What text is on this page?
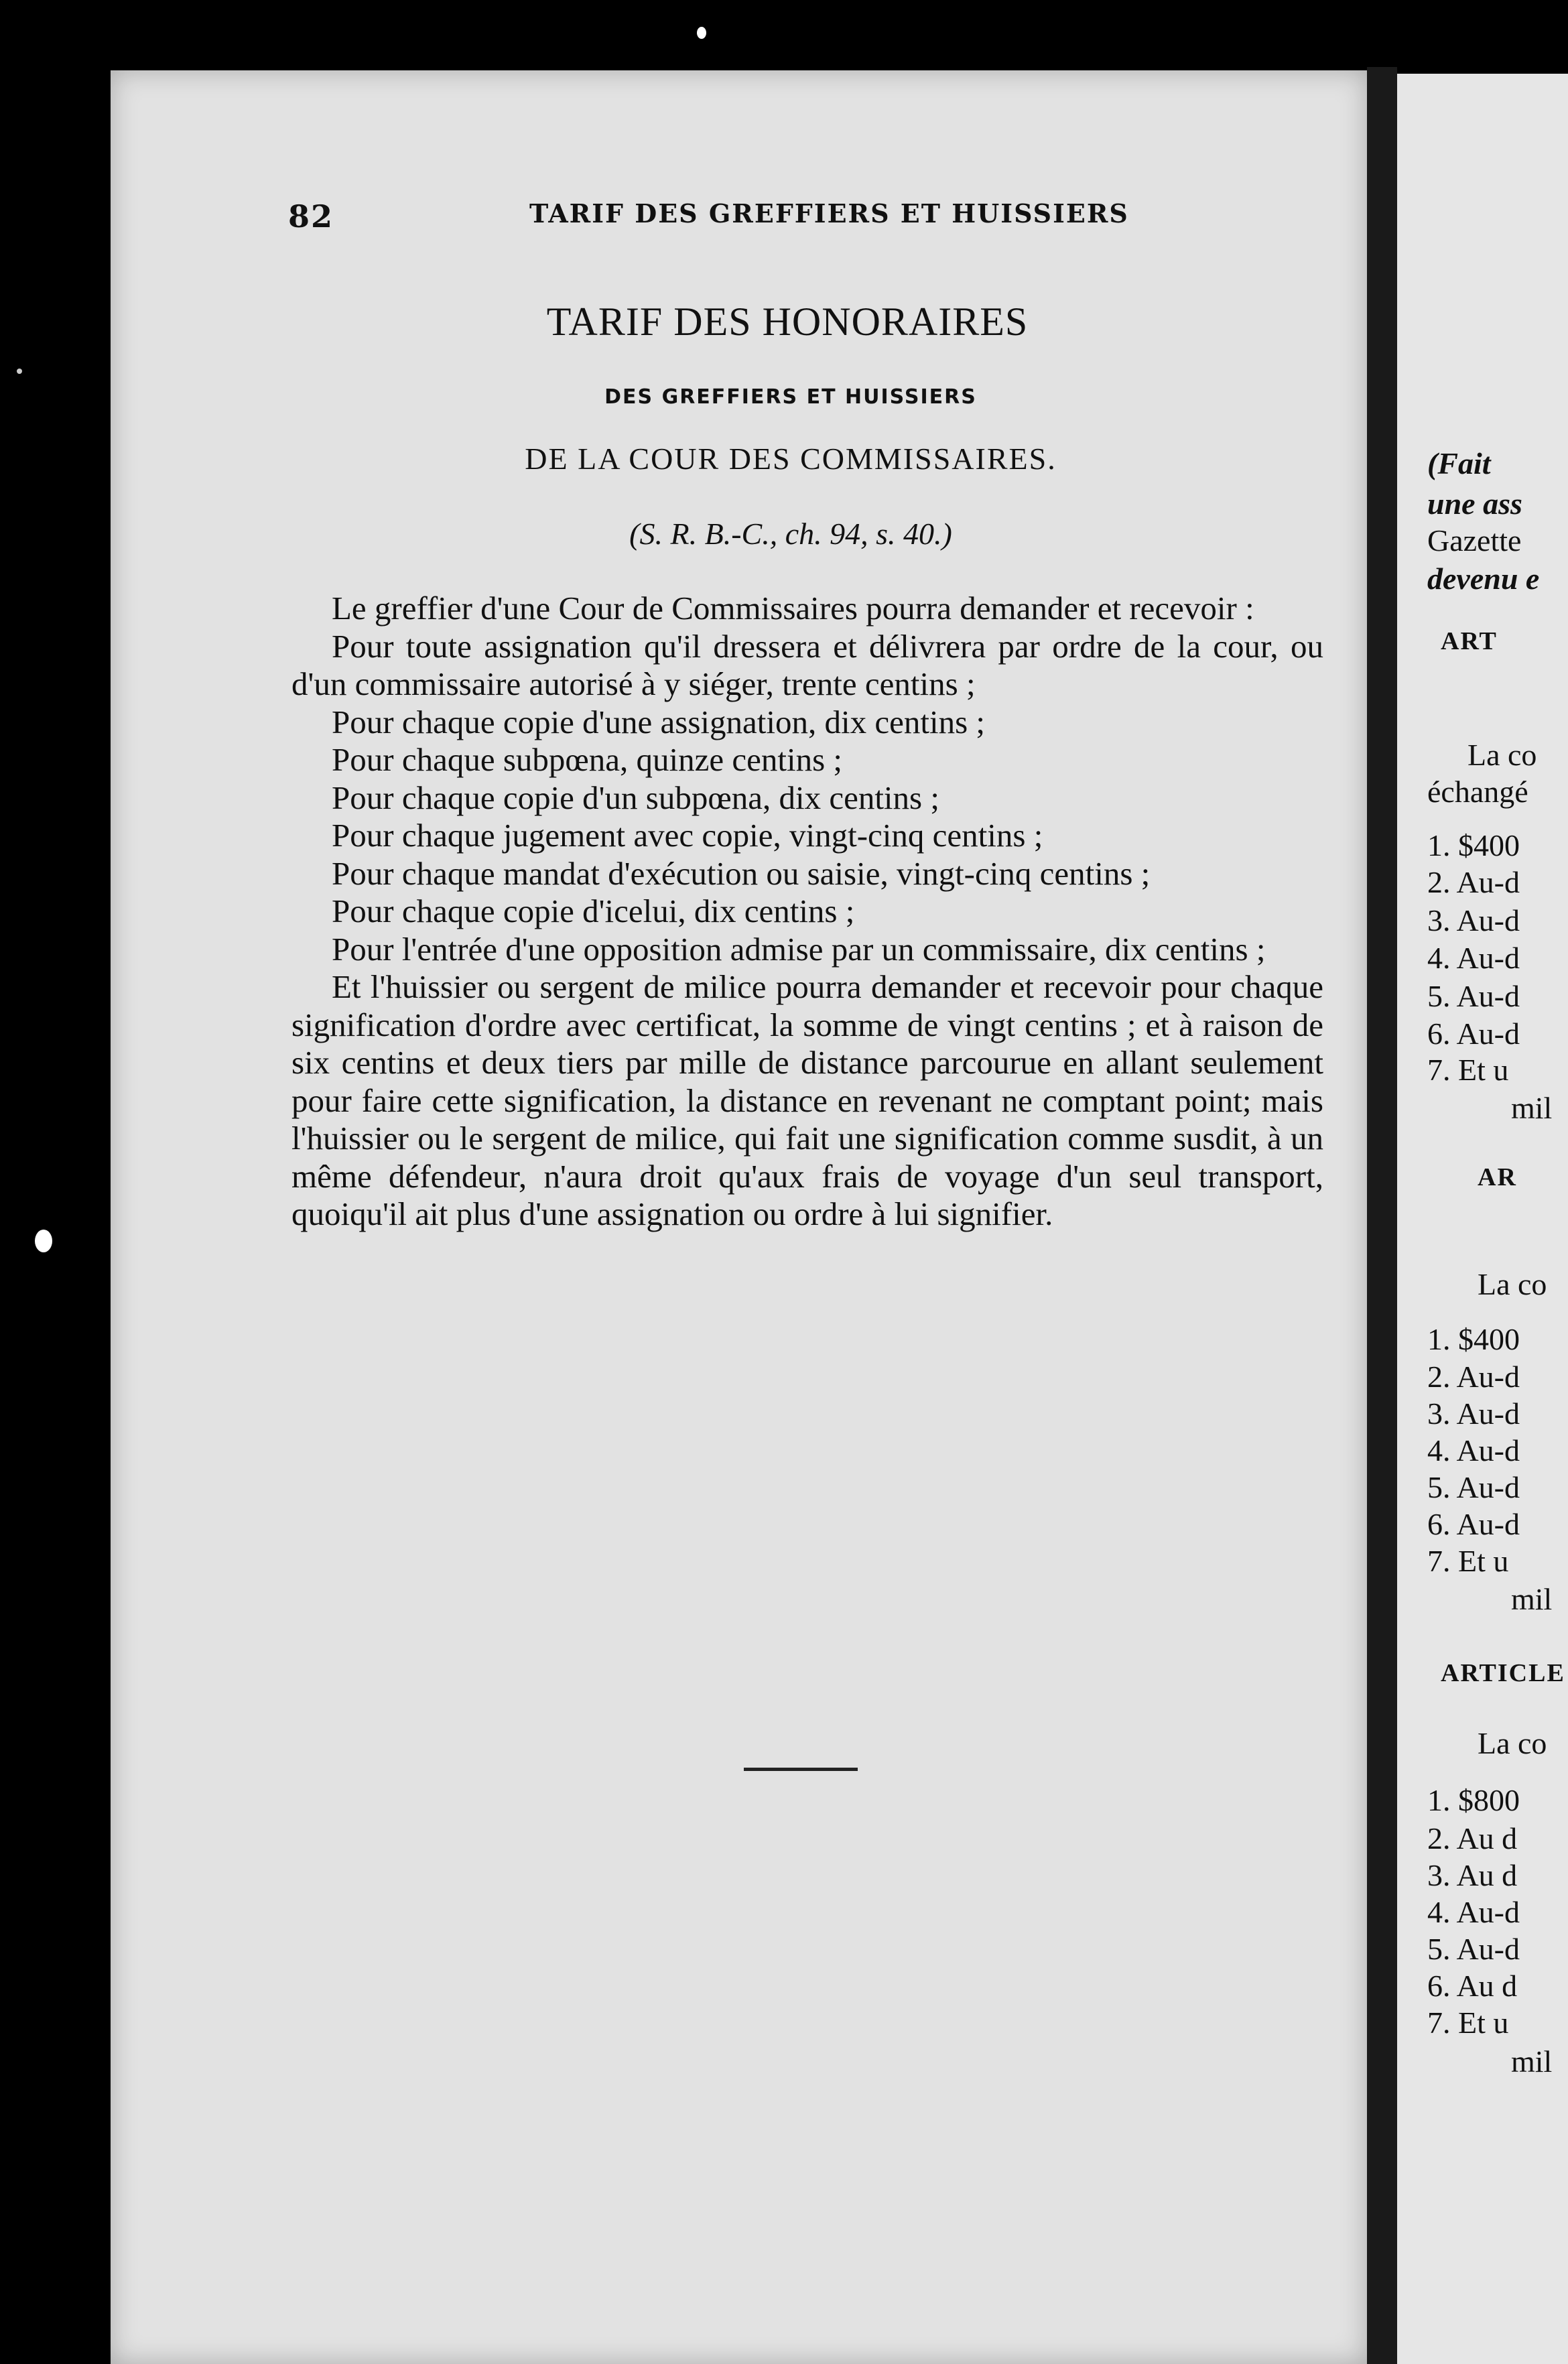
82	TARIF DES GREFFIERS ET HUISSIERS
TARIF DES HONORAIRES
DES GREFFIERS ET HUISSIERS
DE LA COUR DES COMMISSAIRES.
(S. R. B.-C., ch. 94, s. 40.)

Le greffier d'une Cour de Commissaires pourra demander et recevoir :

Pour toute assignation qu'il dressera et délivrera par ordre de la cour, ou d'un commissaire autorisé à y siéger, trente centins ;

Pour chaque copie d'une assignation, dix centins ;

Pour chaque subpœna, quinze centins ;

Pour chaque copie d'un subpœna, dix centins ;

Pour chaque jugement avec copie, vingt-cinq centins ;

Pour chaque mandat d'exécution ou saisie, vingt-cinq centins ;

Pour chaque copie d'icelui, dix centins ;

Pour l'entrée d'une opposition admise par un commissaire, dix centins ;

Et l'huissier ou sergent de milice pourra demander et recevoir pour chaque signification d'ordre avec certificat, la somme de vingt centins ; et à raison de six centins et deux tiers par mille de distance parcourue en allant seulement pour faire cette signification, la distance en revenant ne comptant point; mais l'huissier ou le sergent de milice, qui fait une signification comme susdit, à un même défendeur, n'aura droit qu'aux frais de voyage d'un seul transport, quoiqu'il ait plus d'une assignation ou ordre à lui signifier.

(Fait
une ass
Gazette
devenu e
ART
La co
échangé
1. $400
2. Au-d
3. Au-d
4. Au-d
5. Au-d
6. Au-d
7. Et u
mil
AR
La co
1. $400
2. Au-d
3. Au-d
4. Au-d
5. Au-d
6. Au-d
7. Et u
mil
ARTICLE
La co
1. $800
2. Au d
3. Au d
4. Au-d
5. Au-d
6. Au d
7. Et u
mil
